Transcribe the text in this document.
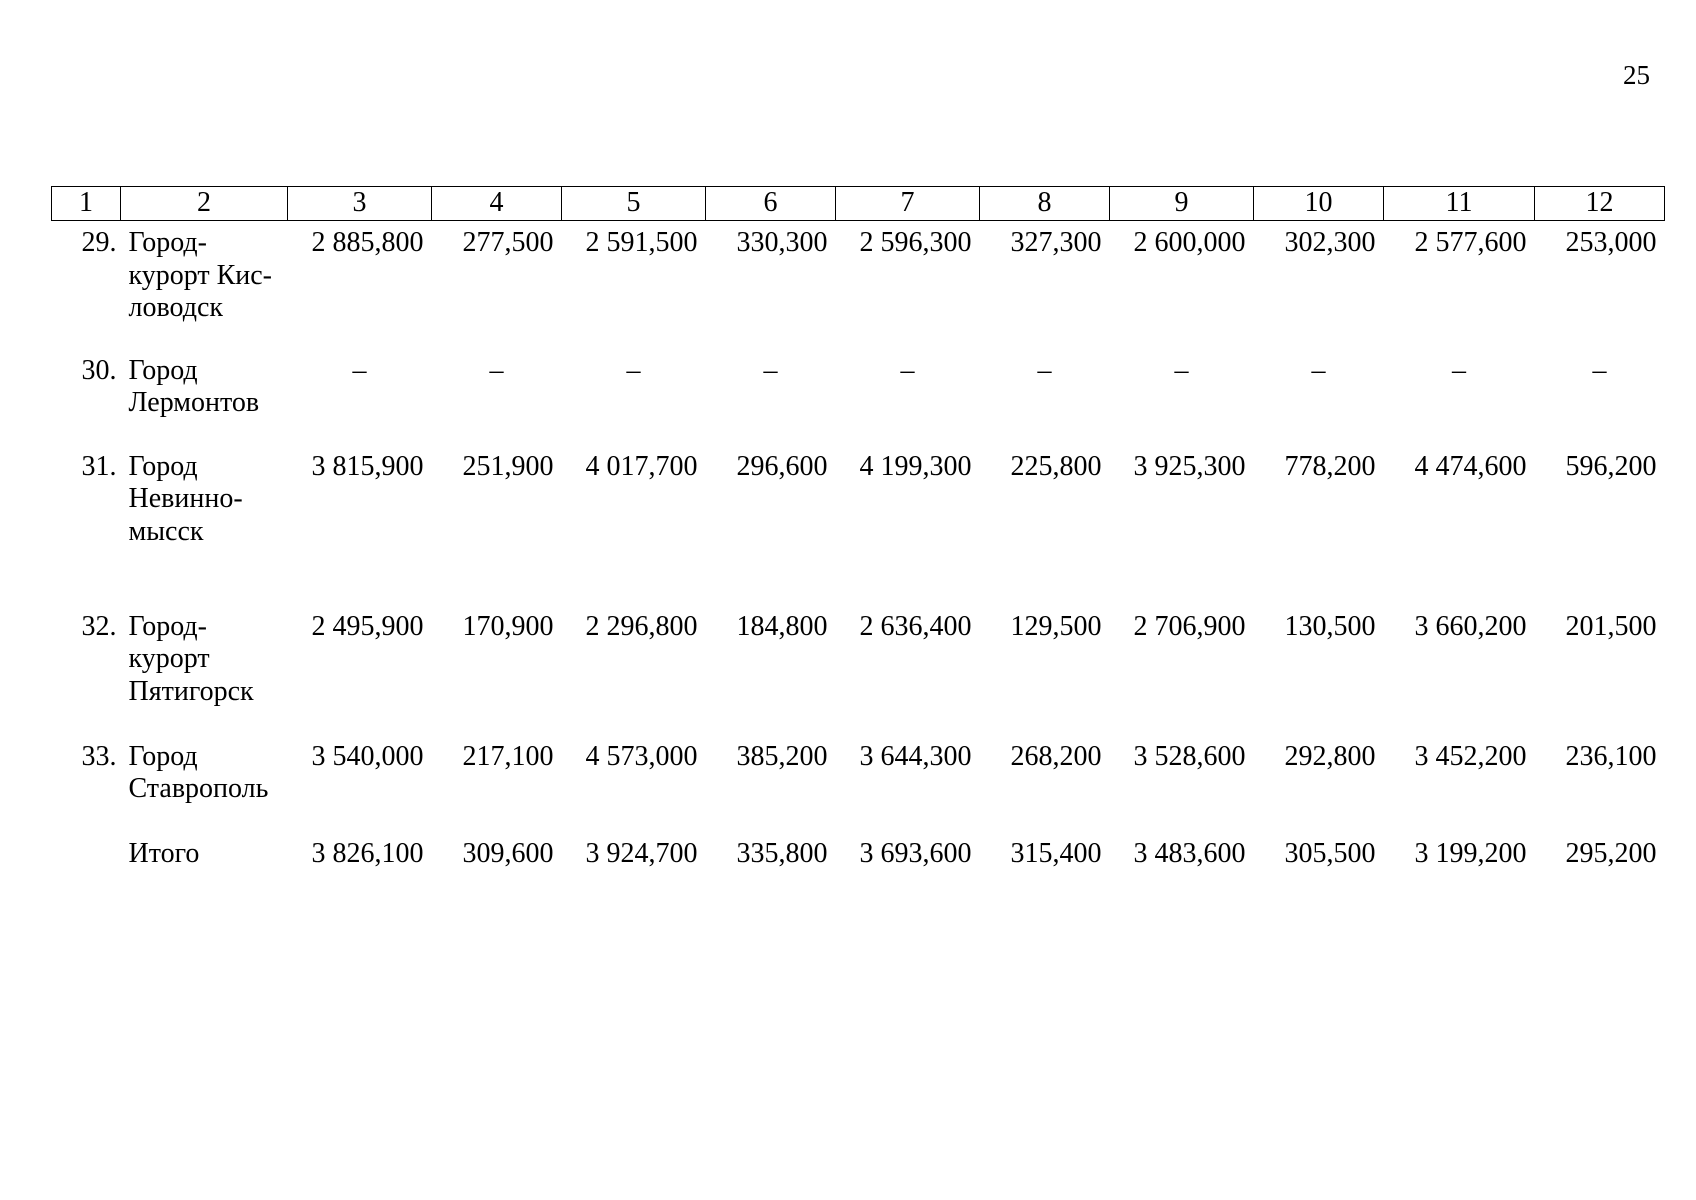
25
1	2	3	4	5	6	7	8	9	10	11	12
29.	Город-
курорт Кис-
ловодск	2 885,800	277,500	2 591,500	330,300	2 596,300	327,300	2 600,000	302,300	2 577,600	253,000
30.	Город
Лермонтов	–	–	–	–	–	–	–	–	–	–
31.	Город
Невинно-
мысск	3 815,900	251,900	4 017,700	296,600	4 199,300	225,800	3 925,300	778,200	4 474,600	596,200
32.	Город-
курорт
Пятигорск	2 495,900	170,900	2 296,800	184,800	2 636,400	129,500	2 706,900	130,500	3 660,200	201,500
33.	Город
Ставрополь	3 540,000	217,100	4 573,000	385,200	3 644,300	268,200	3 528,600	292,800	3 452,200	236,100

	Итого	3 826,100	309,600	3 924,700	335,800	3 693,600	315,400	3 483,600	305,500	3 199,200	295,200
